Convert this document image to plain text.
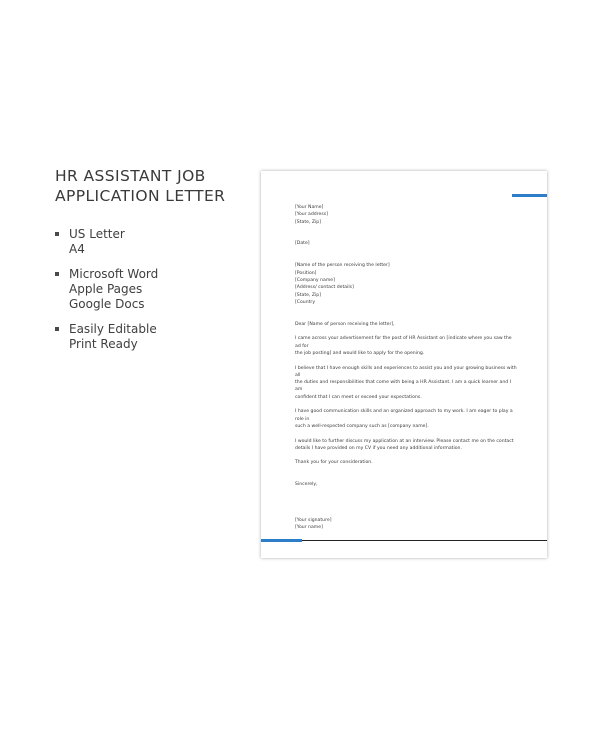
HR ASSISTANT JOB
APPLICATION LETTER
US Letter
A4
Microsoft Word
Apple Pages
Google Docs
Easily Editable
Print Ready

[Your Name]
[Your address]
[State, Zip]

[Date]

[Name of the person receiving the letter]
[Position]
[Company name]
[Address/ contact details]
[State, Zip]
[Country

Dear [Name of person receiving the letter],

I came across your advertisement for the post of HR Assistant on [indicate where you saw the ad for
the job posting] and would like to apply for the opening.

I believe that I have enough skills and experiences to assist you and your growing business with all
the duties and responsibilities that come with being a HR Assistant. I am a quick learner and I am
confident that I can meet or exceed your expectations.

I have good communication skills and an organized approach to my work. I am eager to play a role in
such a well-respected company such as [company name].

I would like to further discuss my application at an interview. Please contact me on the contact
details I have provided on my CV if you need any additional information.

Thank you for your consideration.

Sincerely,

[Your signature]
[Your name]
